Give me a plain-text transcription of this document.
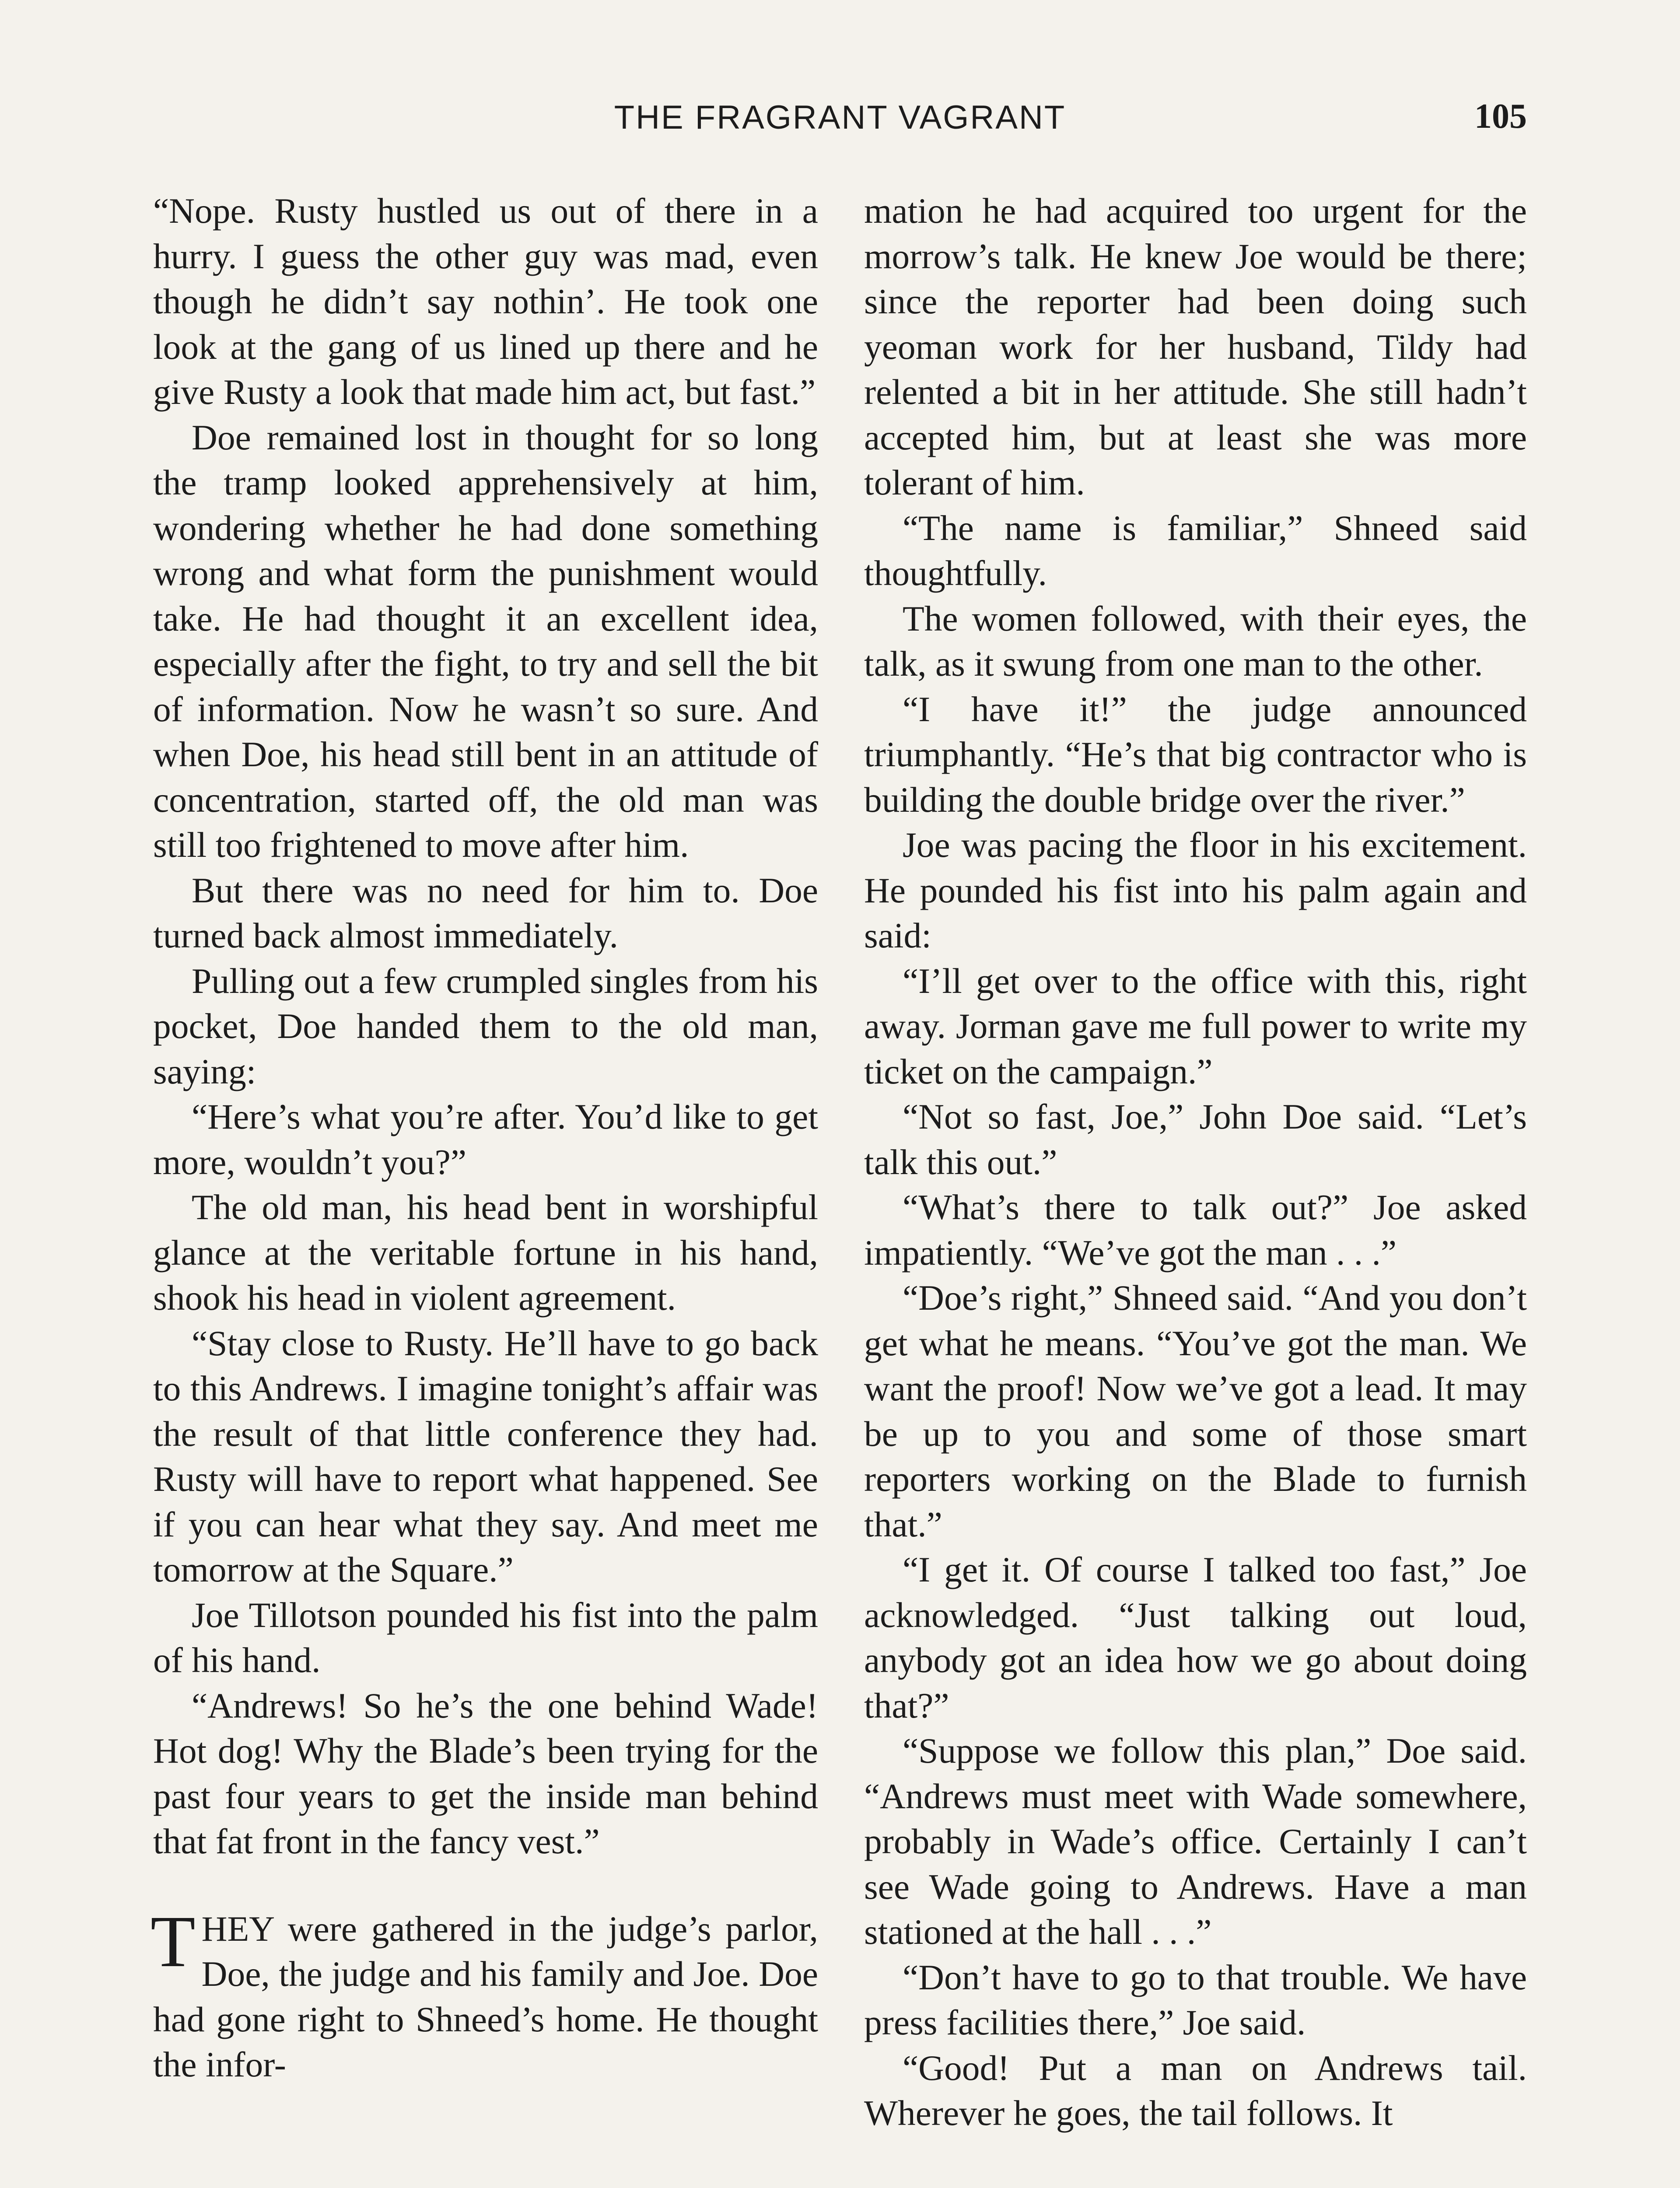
THE FRAGRANT VAGRANT	105

“Nope. Rusty hustled us out of there in a hurry. I guess the other guy was mad, even though he didn’t say nothin’. He took one look at the gang of us lined up there and he give Rusty a look that made him act, but fast.”

Doe remained lost in thought for so long the tramp looked apprehensively at him, wondering whether he had done something wrong and what form the punishment would take. He had thought it an excellent idea, especially after the fight, to try and sell the bit of information. Now he wasn’t so sure. And when Doe, his head still bent in an attitude of concentration, started off, the old man was still too frightened to move after him.

But there was no need for him to. Doe turned back almost immediately.

Pulling out a few crumpled singles from his pocket, Doe handed them to the old man, saying:

“Here’s what you’re after. You’d like to get more, wouldn’t you?”

The old man, his head bent in worshipful glance at the veritable fortune in his hand, shook his head in violent agreement.

“Stay close to Rusty. He’ll have to go back to this Andrews. I imagine tonight’s affair was the result of that little conference they had. Rusty will have to report what happened. See if you can hear what they say. And meet me tomorrow at the Square.”

Joe Tillotson pounded his fist into the palm of his hand.

“Andrews! So he’s the one behind Wade! Hot dog! Why the Blade’s been trying for the past four years to get the inside man behind that fat front in the fancy vest.”

THEY were gathered in the judge’s parlor, Doe, the judge and his family and Joe. Doe had gone right to Shneed’s home. He thought the infor-

mation he had acquired too urgent for the morrow’s talk. He knew Joe would be there; since the reporter had been doing such yeoman work for her husband, Tildy had relented a bit in her attitude. She still hadn’t accepted him, but at least she was more tolerant of him.

“The name is familiar,” Shneed said thoughtfully.

The women followed, with their eyes, the talk, as it swung from one man to the other.

“I have it!” the judge announced triumphantly. “He’s that big contractor who is building the double bridge over the river.”

Joe was pacing the floor in his excitement. He pounded his fist into his palm again and said:

“I’ll get over to the office with this, right away. Jorman gave me full power to write my ticket on the campaign.”

“Not so fast, Joe,” John Doe said. “Let’s talk this out.”

“What’s there to talk out?” Joe asked impatiently. “We’ve got the man . . .”

“Doe’s right,” Shneed said. “And you don’t get what he means. “You’ve got the man. We want the proof! Now we’ve got a lead. It may be up to you and some of those smart reporters working on the Blade to furnish that.”

“I get it. Of course I talked too fast,” Joe acknowledged. “Just talking out loud, anybody got an idea how we go about doing that?”

“Suppose we follow this plan,” Doe said. “Andrews must meet with Wade somewhere, probably in Wade’s office. Certainly I can’t see Wade going to Andrews. Have a man stationed at the hall . . .”

“Don’t have to go to that trouble. We have press facilities there,” Joe said.

“Good! Put a man on Andrews tail. Wherever he goes, the tail follows. It
